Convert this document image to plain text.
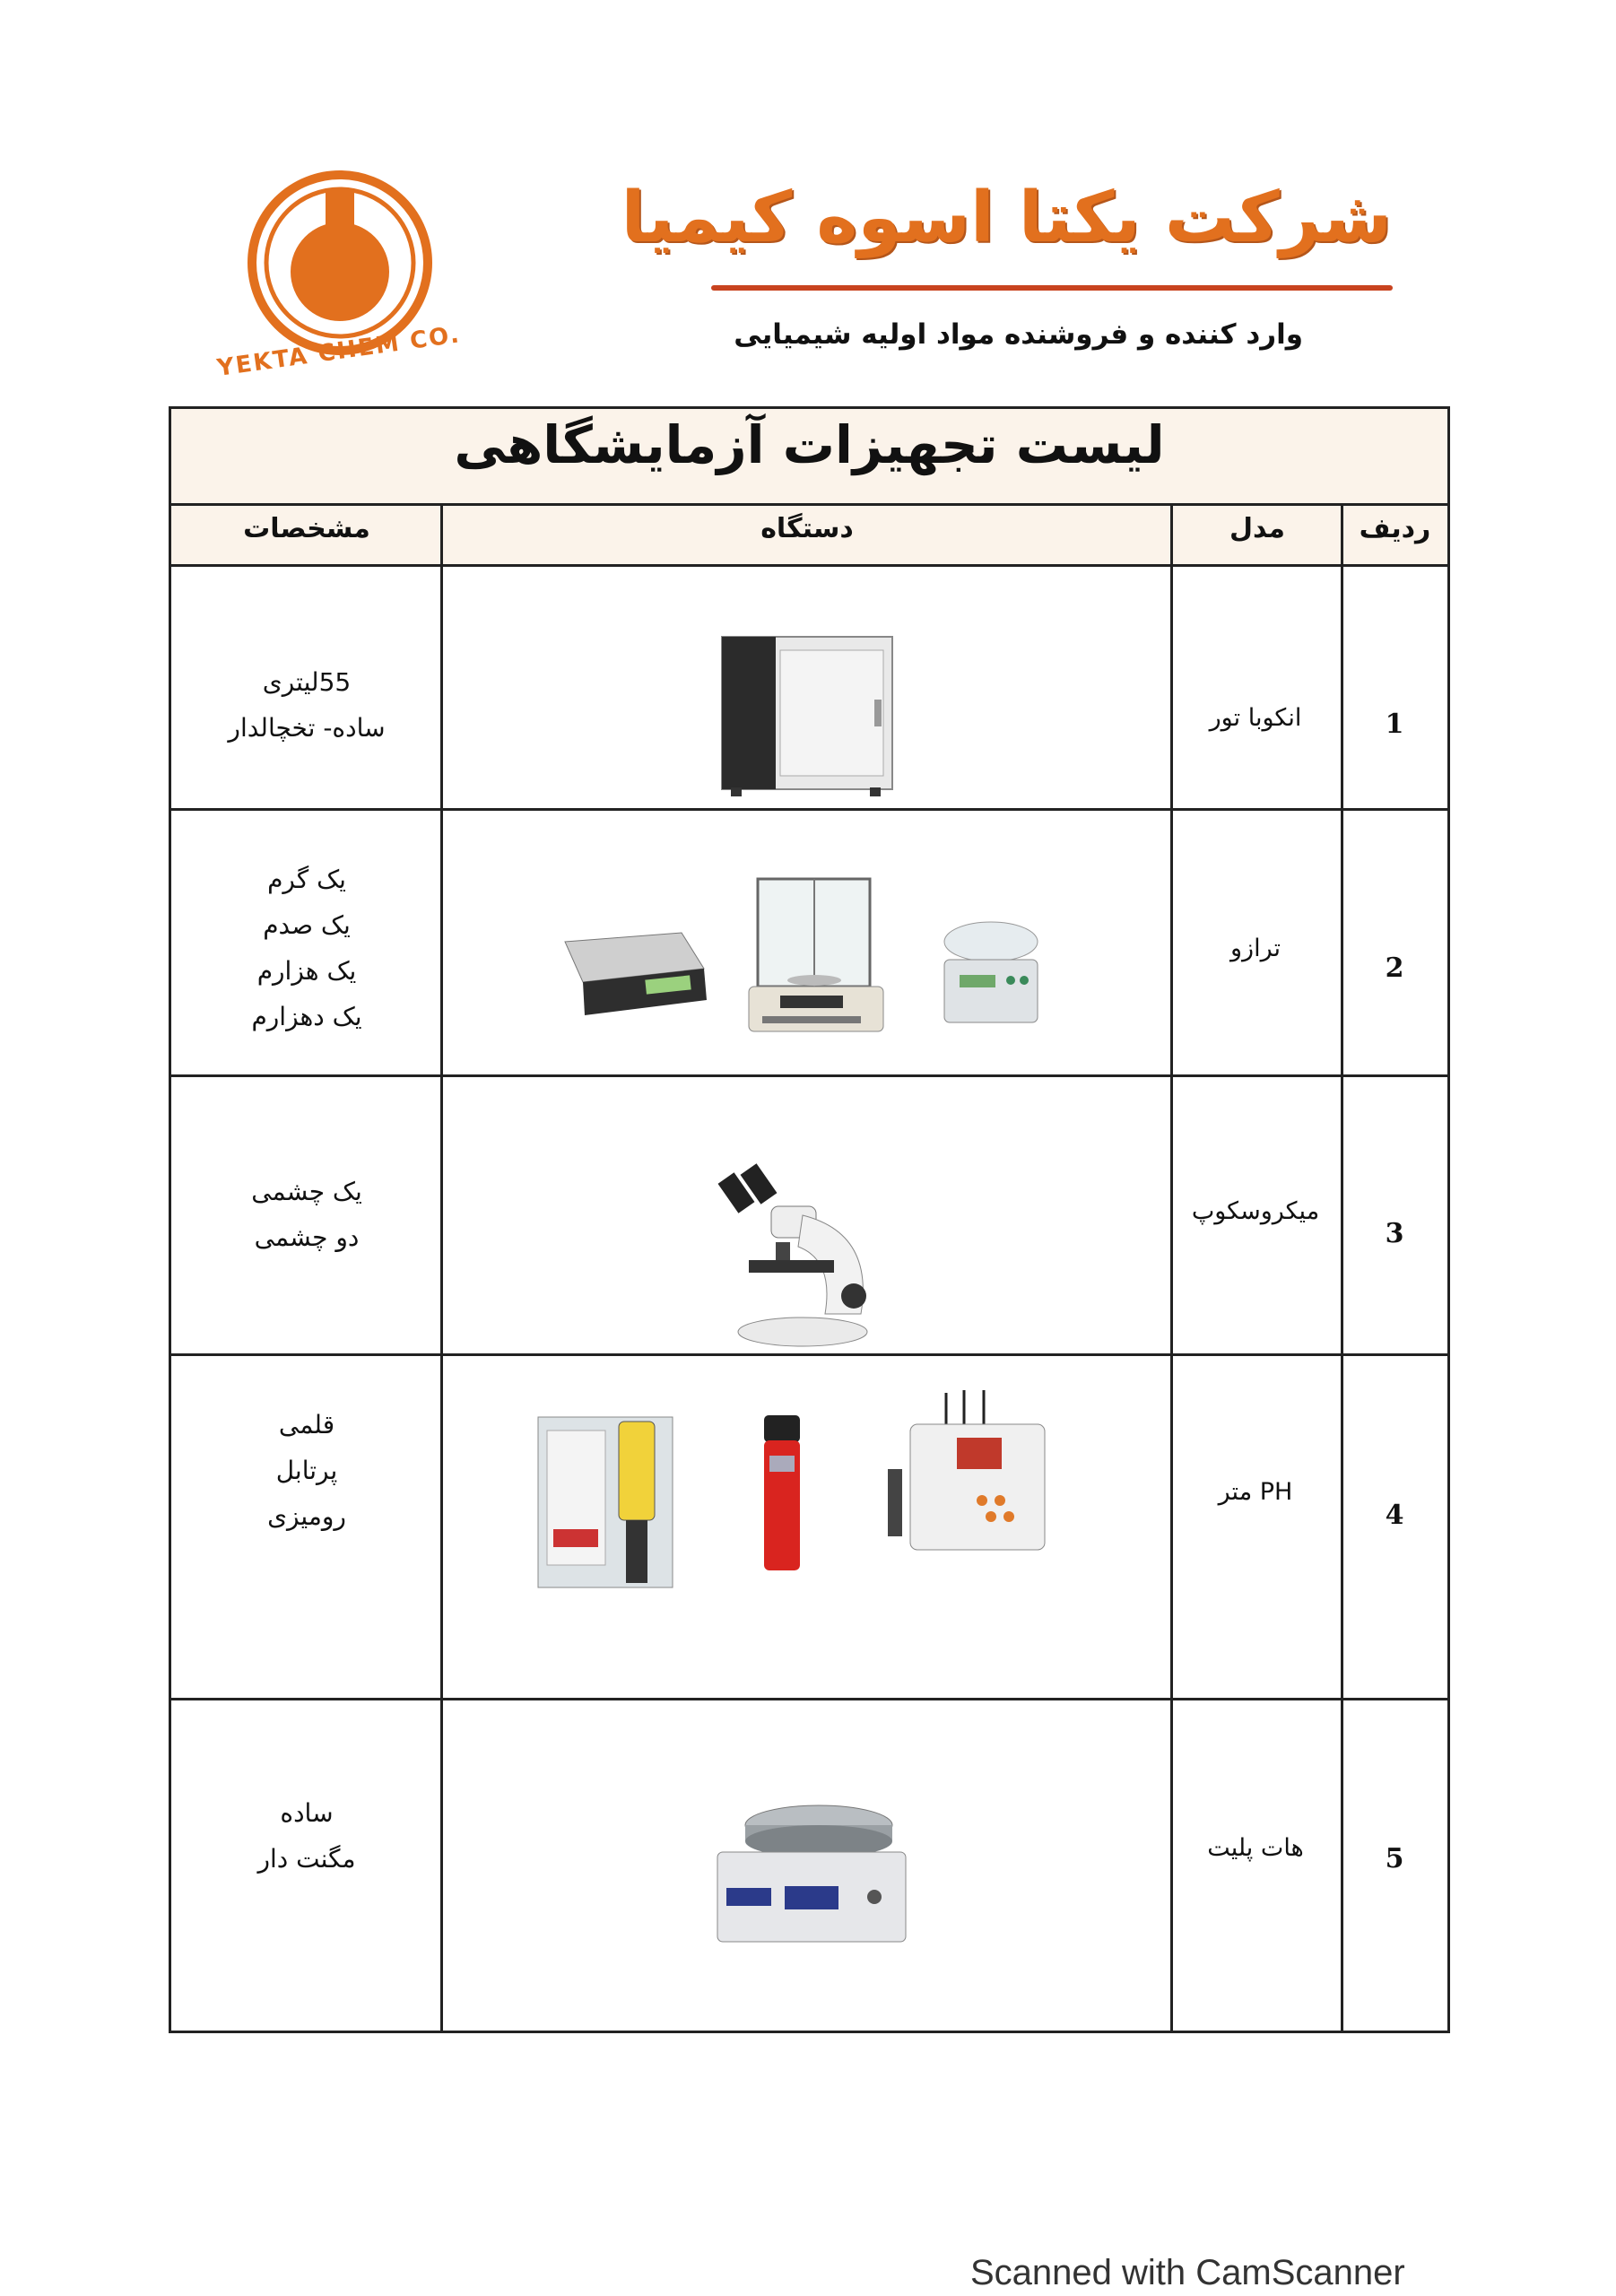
YEKTA CHEM CO.
شرکت یکتا اسوه کیمیا
وارد کننده و فروشنده مواد اولیه شیمیایی
لیست تجهیزات آزمایشگاهی
ردیف
مدل
دستگاه
مشخصات
1
انکوبا تور
55لیتری
ساده- تخچالدار
2
ترازو
یک گرم
یک صدم
یک هزارم
یک دهزارم
3
میکروسکوپ
یک چشمی
دو چشمی
4
PH متر
قلمی
پرتابل
رومیزی
5
هات پلیت
ساده
مگنت دار
Scanned with CamScanner
